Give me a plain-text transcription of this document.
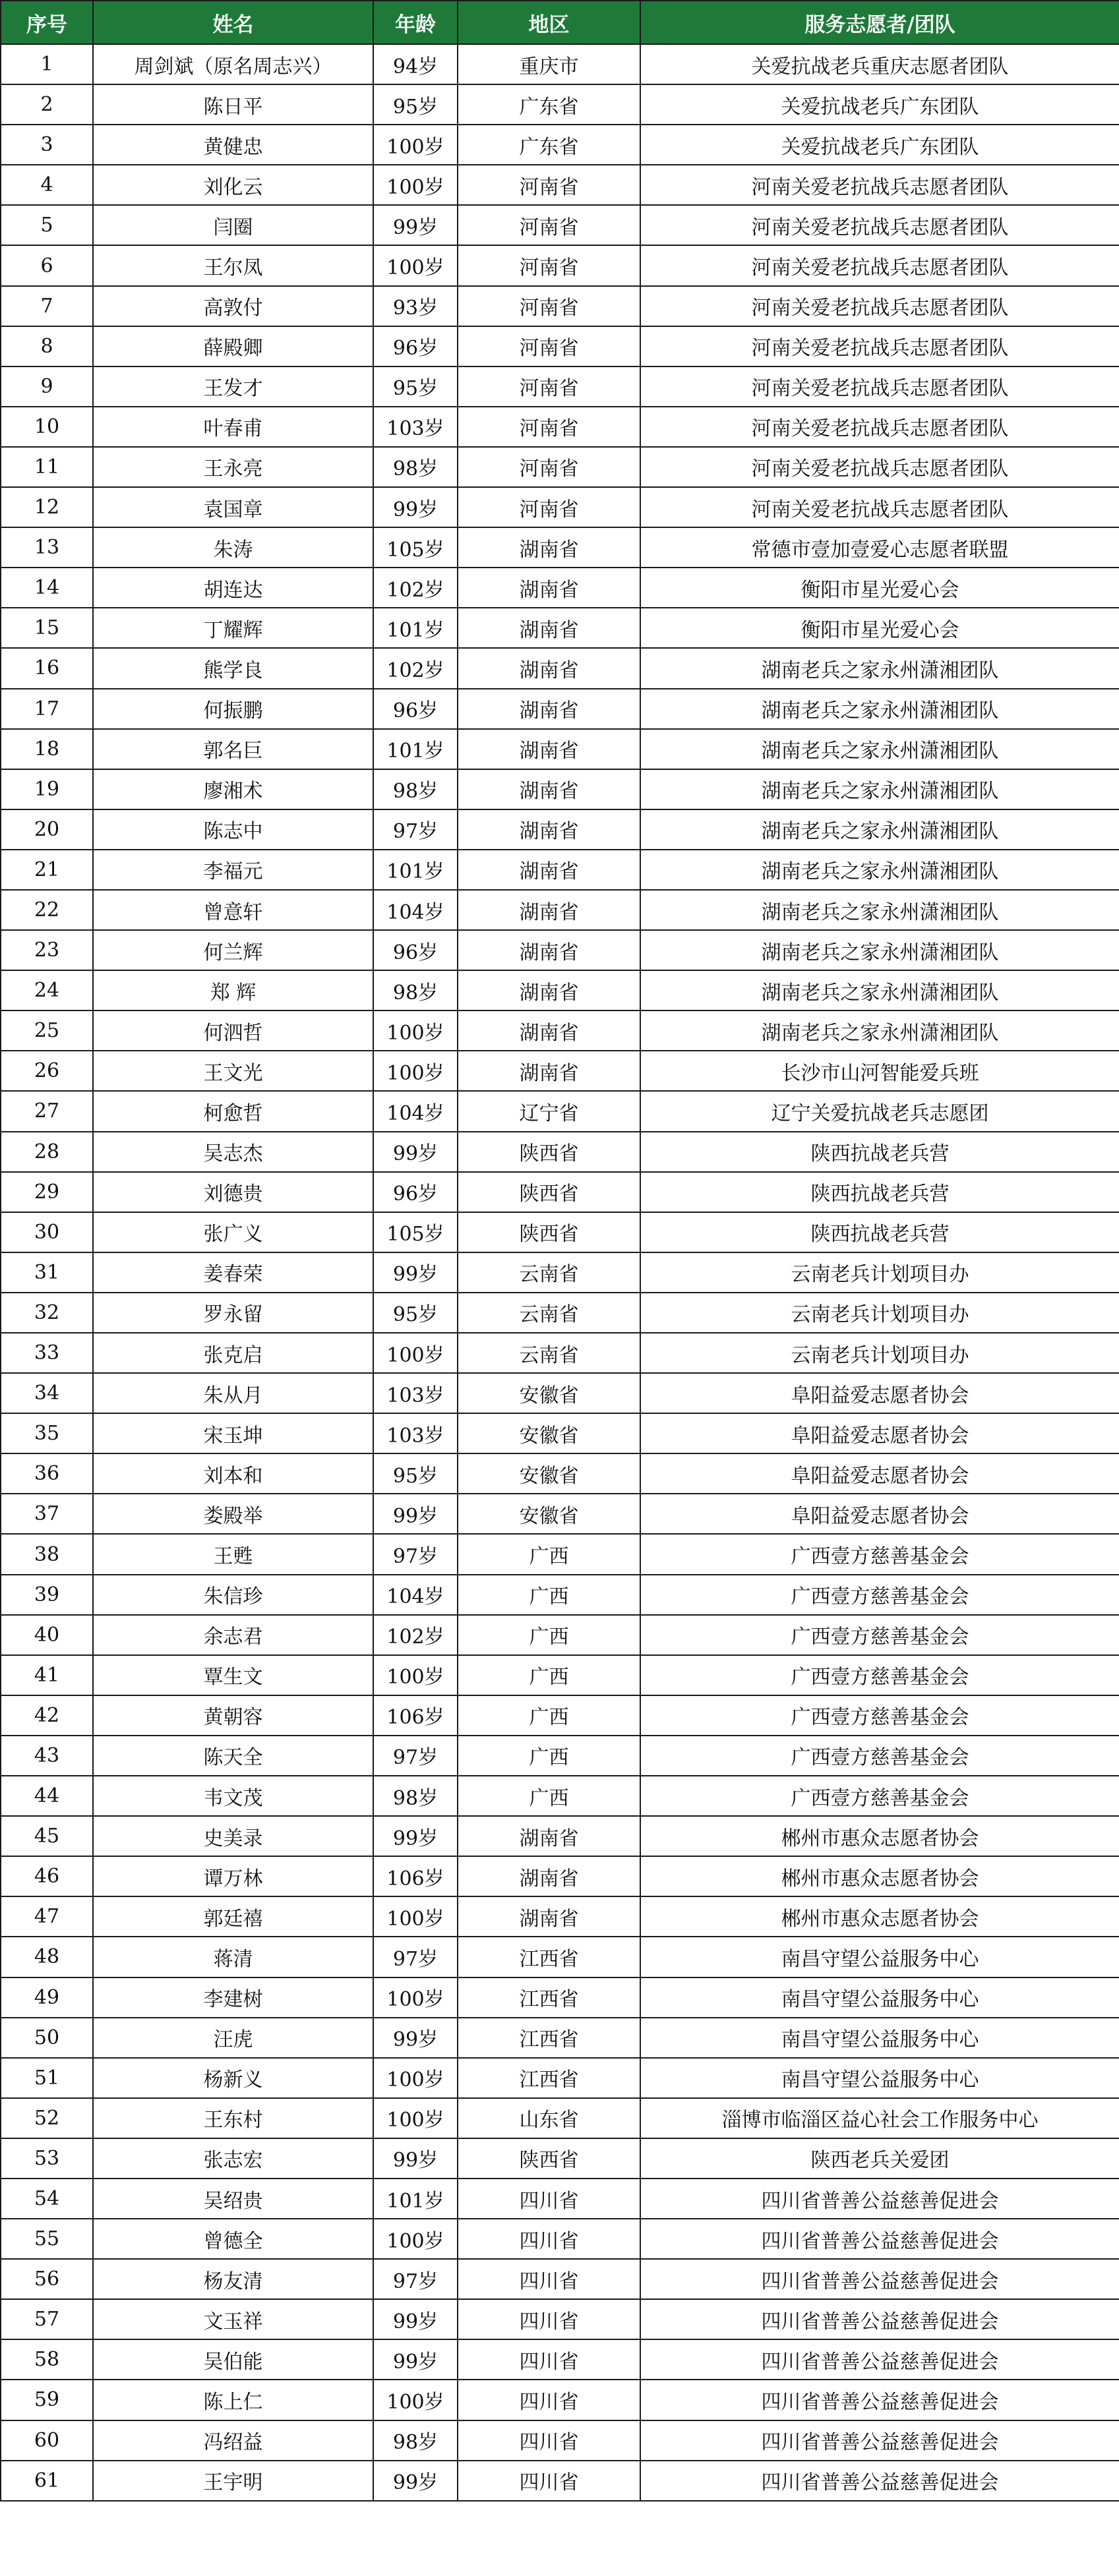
序号	姓名	年龄	地区	服务志愿者/团队
1	周剑斌（原名周志兴）	94岁	重庆市	关爱抗战老兵重庆志愿者团队
2	陈日平	95岁	广东省	关爱抗战老兵广东团队
3	黄健忠	100岁	广东省	关爱抗战老兵广东团队
4	刘化云	100岁	河南省	河南关爱老抗战兵志愿者团队
5	闫圈	99岁	河南省	河南关爱老抗战兵志愿者团队
6	王尔凤	100岁	河南省	河南关爱老抗战兵志愿者团队
7	高敦付	93岁	河南省	河南关爱老抗战兵志愿者团队
8	薛殿卿	96岁	河南省	河南关爱老抗战兵志愿者团队
9	王发才	95岁	河南省	河南关爱老抗战兵志愿者团队
10	叶春甫	103岁	河南省	河南关爱老抗战兵志愿者团队
11	王永亮	98岁	河南省	河南关爱老抗战兵志愿者团队
12	袁国章	99岁	河南省	河南关爱老抗战兵志愿者团队
13	朱涛	105岁	湖南省	常德市壹加壹爱心志愿者联盟
14	胡连达	102岁	湖南省	衡阳市星光爱心会
15	丁耀辉	101岁	湖南省	衡阳市星光爱心会
16	熊学良	102岁	湖南省	湖南老兵之家永州潇湘团队
17	何振鹏	96岁	湖南省	湖南老兵之家永州潇湘团队
18	郭名巨	101岁	湖南省	湖南老兵之家永州潇湘团队
19	廖湘术	98岁	湖南省	湖南老兵之家永州潇湘团队
20	陈志中	97岁	湖南省	湖南老兵之家永州潇湘团队
21	李福元	101岁	湖南省	湖南老兵之家永州潇湘团队
22	曾意轩	104岁	湖南省	湖南老兵之家永州潇湘团队
23	何兰辉	96岁	湖南省	湖南老兵之家永州潇湘团队
24	郑 辉	98岁	湖南省	湖南老兵之家永州潇湘团队
25	何泗哲	100岁	湖南省	湖南老兵之家永州潇湘团队
26	王文光	100岁	湖南省	长沙市山河智能爱兵班
27	柯愈哲	104岁	辽宁省	辽宁关爱抗战老兵志愿团
28	吴志杰	99岁	陕西省	陕西抗战老兵营
29	刘德贵	96岁	陕西省	陕西抗战老兵营
30	张广义	105岁	陕西省	陕西抗战老兵营
31	姜春荣	99岁	云南省	云南老兵计划项目办
32	罗永留	95岁	云南省	云南老兵计划项目办
33	张克启	100岁	云南省	云南老兵计划项目办
34	朱从月	103岁	安徽省	阜阳益爱志愿者协会
35	宋玉坤	103岁	安徽省	阜阳益爱志愿者协会
36	刘本和	95岁	安徽省	阜阳益爱志愿者协会
37	娄殿举	99岁	安徽省	阜阳益爱志愿者协会
38	王甦	97岁	广西	广西壹方慈善基金会
39	朱信珍	104岁	广西	广西壹方慈善基金会
40	余志君	102岁	广西	广西壹方慈善基金会
41	覃生文	100岁	广西	广西壹方慈善基金会
42	黄朝容	106岁	广西	广西壹方慈善基金会
43	陈天全	97岁	广西	广西壹方慈善基金会
44	韦文茂	98岁	广西	广西壹方慈善基金会
45	史美录	99岁	湖南省	郴州市惠众志愿者协会
46	谭万林	106岁	湖南省	郴州市惠众志愿者协会
47	郭廷禧	100岁	湖南省	郴州市惠众志愿者协会
48	蒋清	97岁	江西省	南昌守望公益服务中心
49	李建树	100岁	江西省	南昌守望公益服务中心
50	汪虎	99岁	江西省	南昌守望公益服务中心
51	杨新义	100岁	江西省	南昌守望公益服务中心
52	王东村	100岁	山东省	淄博市临淄区益心社会工作服务中心
53	张志宏	99岁	陕西省	陕西老兵关爱团
54	吴绍贵	101岁	四川省	四川省普善公益慈善促进会
55	曾德全	100岁	四川省	四川省普善公益慈善促进会
56	杨友清	97岁	四川省	四川省普善公益慈善促进会
57	文玉祥	99岁	四川省	四川省普善公益慈善促进会
58	吴伯能	99岁	四川省	四川省普善公益慈善促进会
59	陈上仁	100岁	四川省	四川省普善公益慈善促进会
60	冯绍益	98岁	四川省	四川省普善公益慈善促进会
61	王宇明	99岁	四川省	四川省普善公益慈善促进会
